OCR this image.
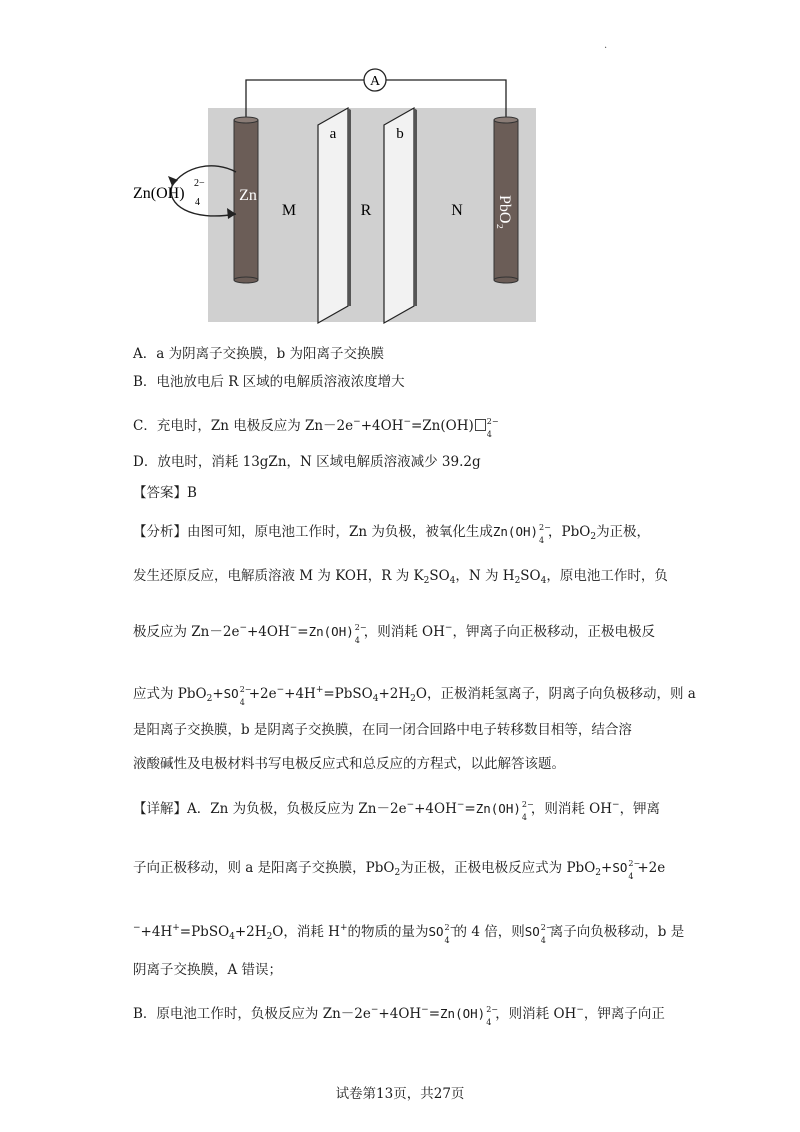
A
a	b
M	R	N
Zn	PbO₂
Zn(OH)
4
2−
.
A．a 为阴离子交换膜，b 为阳离子交换膜
B．电池放电后 R 区域的电解质溶液浓度增大
C．充电时，Zn 电极反应为 Zn－2e−+4OH−=Zn(OH) 2−
4
D．放电时，消耗 13gZn，N 区域电解质溶液减少 39.2g
【答案】B
【分析】由图可知，原电池工作时，Zn 为负极，被氧化生成Zn(OH) 2−
4
，PbO$_2$为正极，
发生还原反应，电解质溶液 M 为 KOH，R 为 $K_2SO_4$，N 为 $H_2SO_4$，原电池工作时，负
极反应为 Zn－2e−+4OH−=Zn(OH) 2−
4
，则消耗 OH−，钾离子向正极移动，正极电极反
应式为 PbO$_2$+SO 2−
4
$+2e^-+4H^+=PbSO_4+2H_2O$，正极消耗氢离子，阴离子向负极移动，则 a
是阳离子交换膜，b 是阴离子交换膜，在同一闭合回路中电子转移数目相等，结合溶
液酸碱性及电极材料书写电极反应式和总反应的方程式，以此解答该题。
【详解】A．Zn 为负极，负极反应为 Zn－2e−+4OH−=Zn(OH) 2−
4
，则消耗 OH−，钾离
子向正极移动，则 a 是阳离子交换膜，PbO$_2$为正极，正极电极反应式为 PbO$_2$+SO 2−
4
+2e
$^-+4H^+=PbSO_4+2H_2O$，消耗 H+的物质的量为SO 2−
4
的 4 倍，则SO 2−
4
离子向负极移动，b 是
阴离子交换膜，A 错误；
B．原电池工作时，负极反应为 Zn－2e−+4OH−=Zn(OH) 2−
4
，则消耗 OH−，钾离子向正
试卷第13页，共27页
